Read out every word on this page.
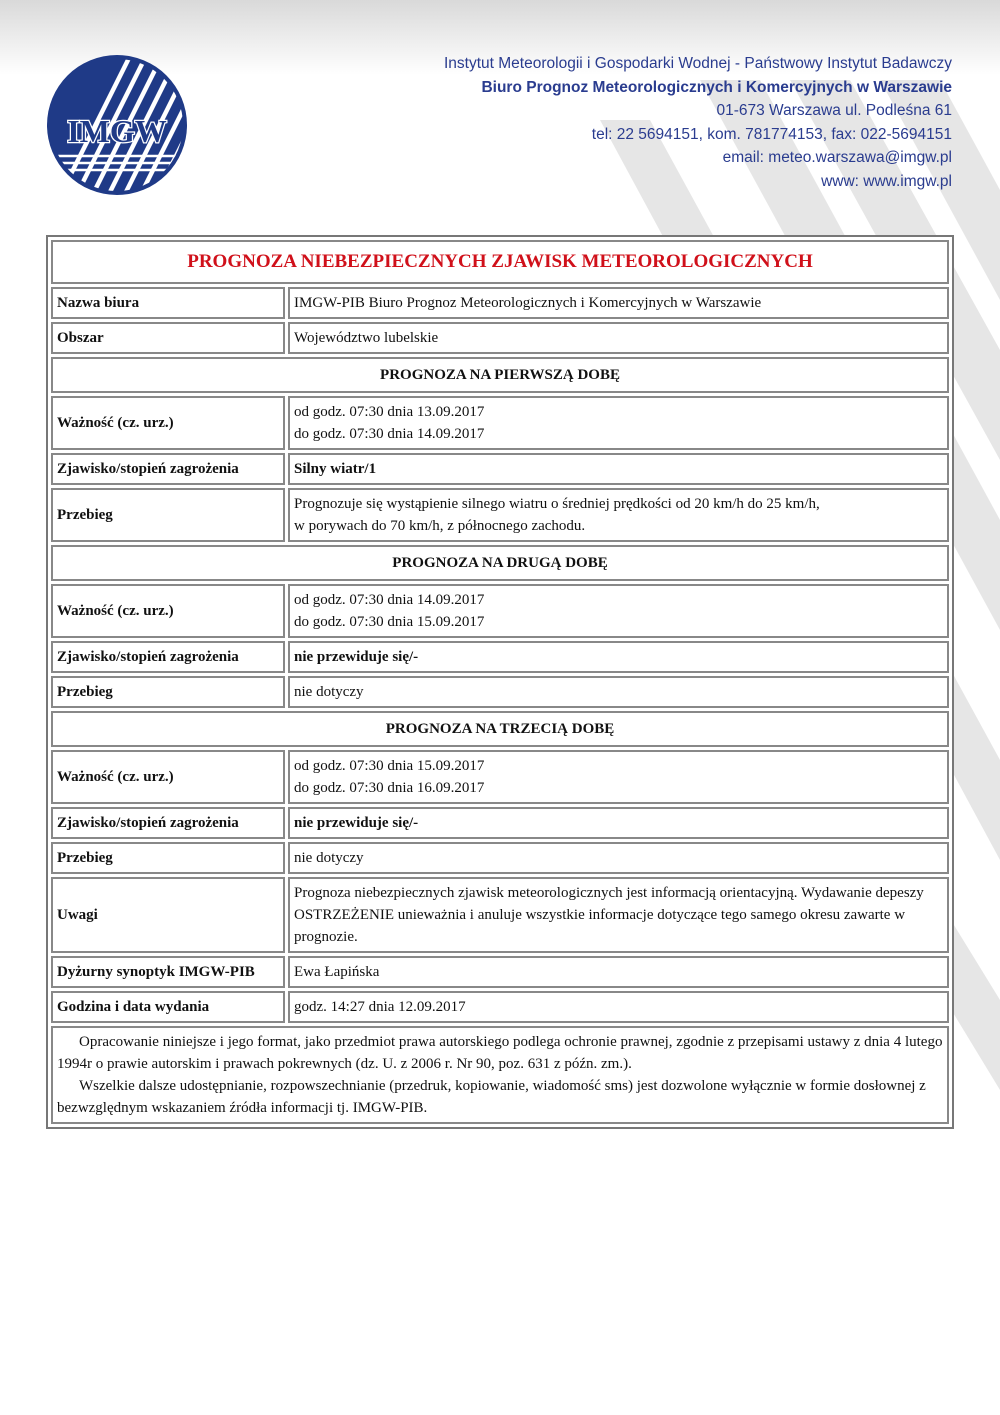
IMGW
Instytut Meteorologii i Gospodarki Wodnej - Państwowy Instytut Badawczy
Biuro Prognoz Meteorologicznych i Komercyjnych w Warszawie
01-673 Warszawa ul. Podleśna 61
tel: 22 5694151, kom. 781774153, fax: 022-5694151
email: meteo.warszawa@imgw.pl
www: www.imgw.pl
PROGNOZA NIEBEZPIECZNYCH ZJAWISK METEOROLOGICZNYCH	
Nazwa biura	IMGW-PIB Biuro Prognoz Meteorologicznych i Komercyjnych w Warszawie
Obszar	Województwo lubelskie
PROGNOZA NA PIERWSZĄ DOBĘ	
Ważność (cz. urz.)	od godz. 07:30 dnia 13.09.2017
do godz. 07:30 dnia 14.09.2017

Zjawisko/stopień zagrożenia	Silny wiatr/1
Przebieg	Prognozuje się wystąpienie silnego wiatru o średniej prędkości od 20 km/h do 25 km/h,
w porywach do 70 km/h, z północnego zachodu.

PROGNOZA NA DRUGĄ DOBĘ	
Ważność (cz. urz.)	od godz. 07:30 dnia 14.09.2017
do godz. 07:30 dnia 15.09.2017

Zjawisko/stopień zagrożenia	nie przewiduje się/-
Przebieg	nie dotyczy
PROGNOZA NA TRZECIĄ DOBĘ	
Ważność (cz. urz.)	od godz. 07:30 dnia 15.09.2017
do godz. 07:30 dnia 16.09.2017

Zjawisko/stopień zagrożenia	nie przewiduje się/-
Przebieg	nie dotyczy
Uwagi	Prognoza niebezpiecznych zjawisk meteorologicznych jest informacją orientacyjną. Wydawanie depeszy OSTRZEŻENIE unieważnia i anuluje wszystkie informacje dotyczące tego samego okresu zawarte w prognozie.
Dyżurny synoptyk IMGW-PIB	Ewa Łapińska
Godzina i data wydania	godz. 14:27 dnia 12.09.2017

Opracowanie niniejsze i jego format, jako przedmiot prawa autorskiego podlega ochronie prawnej, zgodnie z przepisami ustawy z dnia 4 lutego 1994r o prawie autorskim i prawach pokrewnych (dz. U. z 2006 r. Nr 90, poz. 631 z późn. zm.).

Wszelkie dalsze udostępnianie, rozpowszechnianie (przedruk, kopiowanie, wiadomość sms) jest dozwolone wyłącznie w formie dosłownej z bezwzględnym wskazaniem źródła informacji tj. IMGW-PIB.	
